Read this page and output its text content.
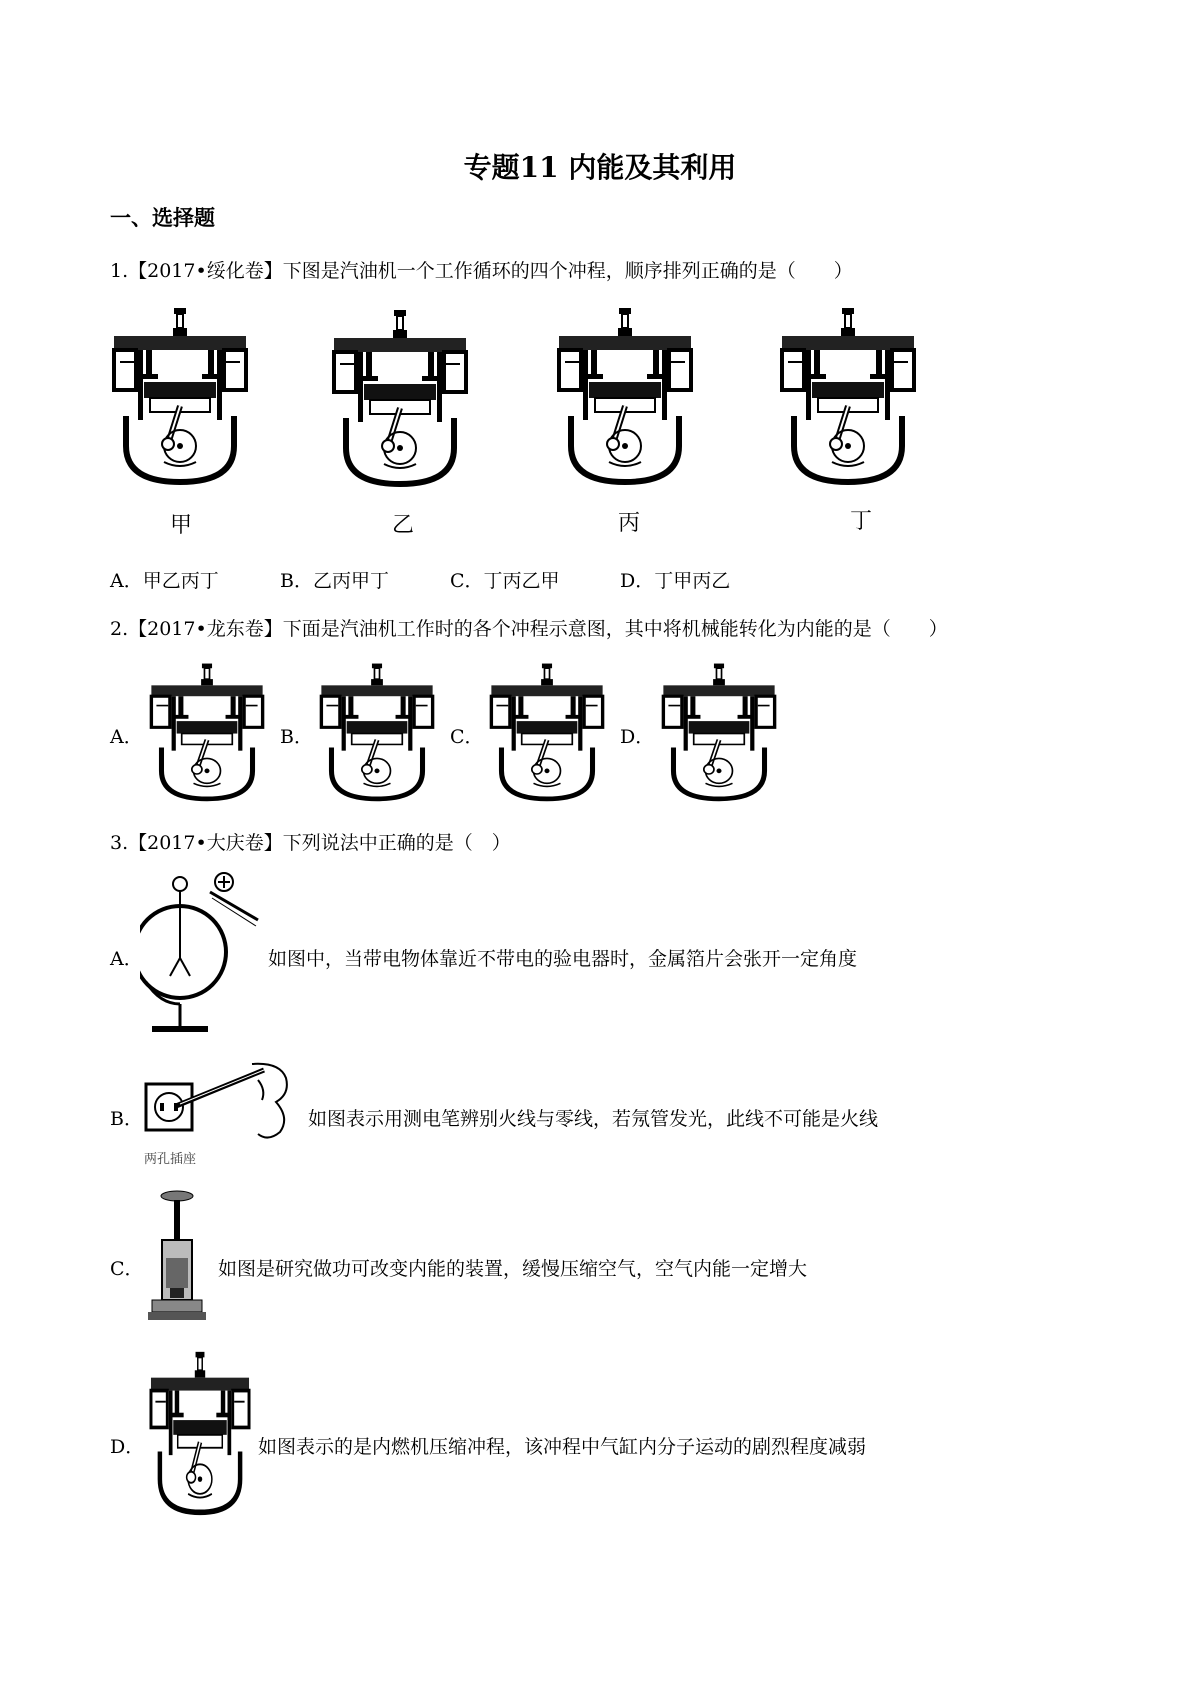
专题11 内能及其利用
一、选择题
1.【2017•绥化卷】下图是汽油机一个工作循环的四个冲程，顺序排列正确的是（　　）
甲	乙	丙	丁
A．甲乙丙丁	B．乙丙甲丁	C．丁丙乙甲	D．丁甲丙乙
2.【2017•龙东卷】下面是汽油机工作时的各个冲程示意图，其中将机械能转化为内能的是（　　）
A．	B．	C．	D．
3.【2017•大庆卷】下列说法中正确的是（　）
A．	如图中，当带电物体靠近不带电的验电器时，金属箔片会张开一定角度
B．
两孔插座
如图表示用测电笔辨别火线与零线，若氖管发光，此线不可能是火线
C．	如图是研究做功可改变内能的装置，缓慢压缩空气，空气内能一定增大
D．	如图表示的是内燃机压缩冲程，该冲程中气缸内分子运动的剧烈程度减弱
